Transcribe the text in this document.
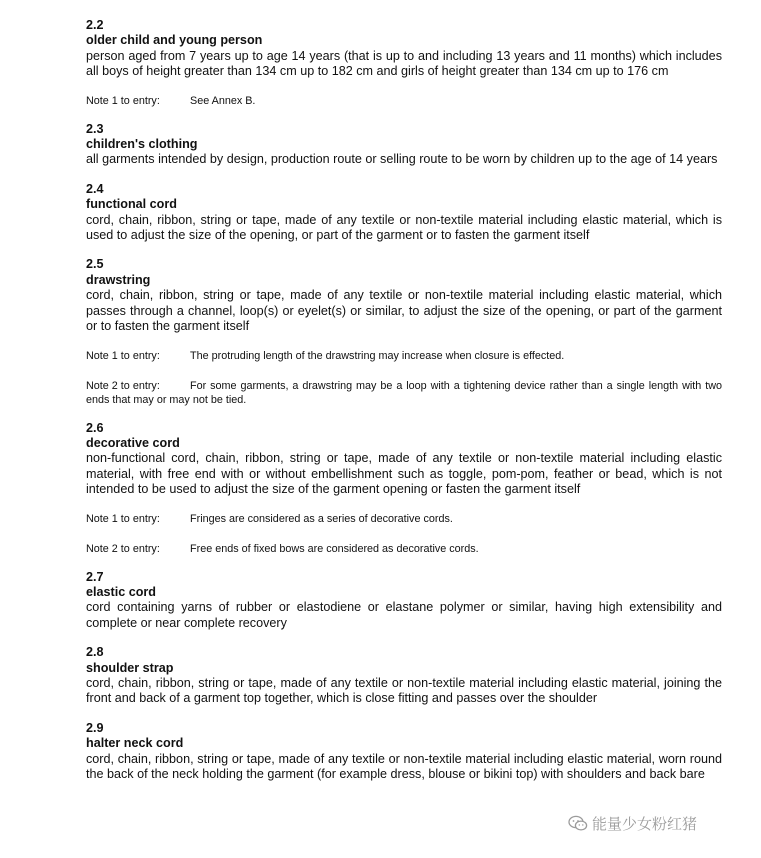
2.2

older child and young person

person aged from 7 years up to age 14 years (that is up to and including 13 years and 11 months) which includes all boys of height greater than 134 cm up to 182 cm and girls of height greater than 134 cm up to 176 cm

Note 1 to entry:	See Annex B.

2.3

children's clothing

all garments intended by design, production route or selling route to be worn by children up to the age of 14 years

2.4

functional cord

cord, chain, ribbon, string or tape, made of any textile or non-textile material including elastic material, which is used to adjust the size of the opening, or part of the garment or to fasten the garment itself

2.5

drawstring

cord, chain, ribbon, string or tape, made of any textile or non-textile material including elastic material, which passes through a channel, loop(s) or eyelet(s) or similar, to adjust the size of the opening, or part of the garment or to fasten the garment itself

Note 1 to entry:	The protruding length of the drawstring may increase when closure is effected.

Note 2 to entry:	For some garments, a drawstring may be a loop with a tightening device rather than a single length with two ends that may or may not be tied.

2.6

decorative cord

non-functional cord, chain, ribbon, string or tape, made of any textile or non-textile material including elastic material, with free end with or without embellishment such as toggle, pom-pom, feather or bead, which is not intended to be used to adjust the size of the garment opening or fasten the garment itself

Note 1 to entry:	Fringes are considered as a series of decorative cords.

Note 2 to entry:	Free ends of fixed bows are considered as decorative cords.

2.7

elastic cord

cord containing yarns of rubber or elastodiene or elastane polymer or similar, having high extensibility and complete or near complete recovery

2.8

shoulder strap

cord, chain, ribbon, string or tape, made of any textile or non-textile material including elastic material, joining the front and back of a garment top together, which is close fitting and passes over the shoulder

2.9

halter neck cord

cord, chain, ribbon, string or tape, made of any textile or non-textile material including elastic material, worn round the back of the neck holding the garment (for example dress, blouse or bikini top) with shoulders and back bare

能量少女粉红猪
